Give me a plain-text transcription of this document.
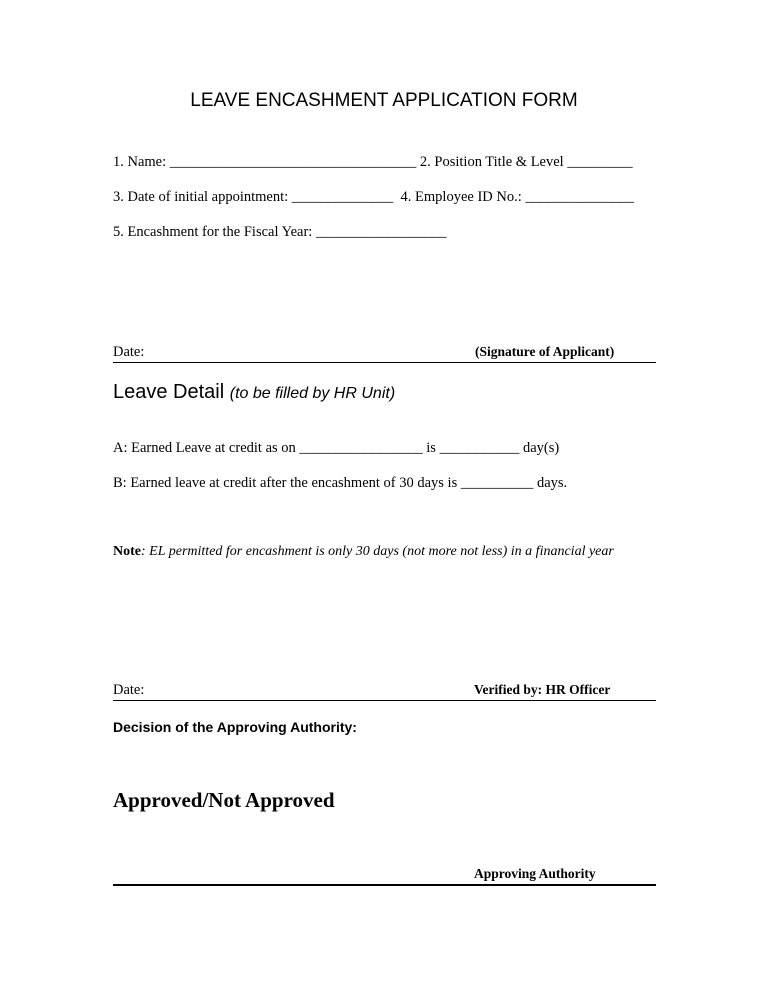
LEAVE ENCASHMENT APPLICATION FORM
1. Name: __________________________________ 2. Position Title & Level _________
3. Date of initial appointment: ______________  4. Employee ID No.: _______________
5. Encashment for the Fiscal Year: __________________
Date:	(Signature of Applicant)
Leave Detail (to be filled by HR Unit)
A: Earned Leave at credit as on _________________ is ___________ day(s)
B: Earned leave at credit after the encashment of 30 days is __________ days.
Note: EL permitted for encashment is only 30 days (not more not less) in a financial year
Date:	Verified by: HR Officer
Decision of the Approving Authority:
Approved/Not Approved
Approving Authority
